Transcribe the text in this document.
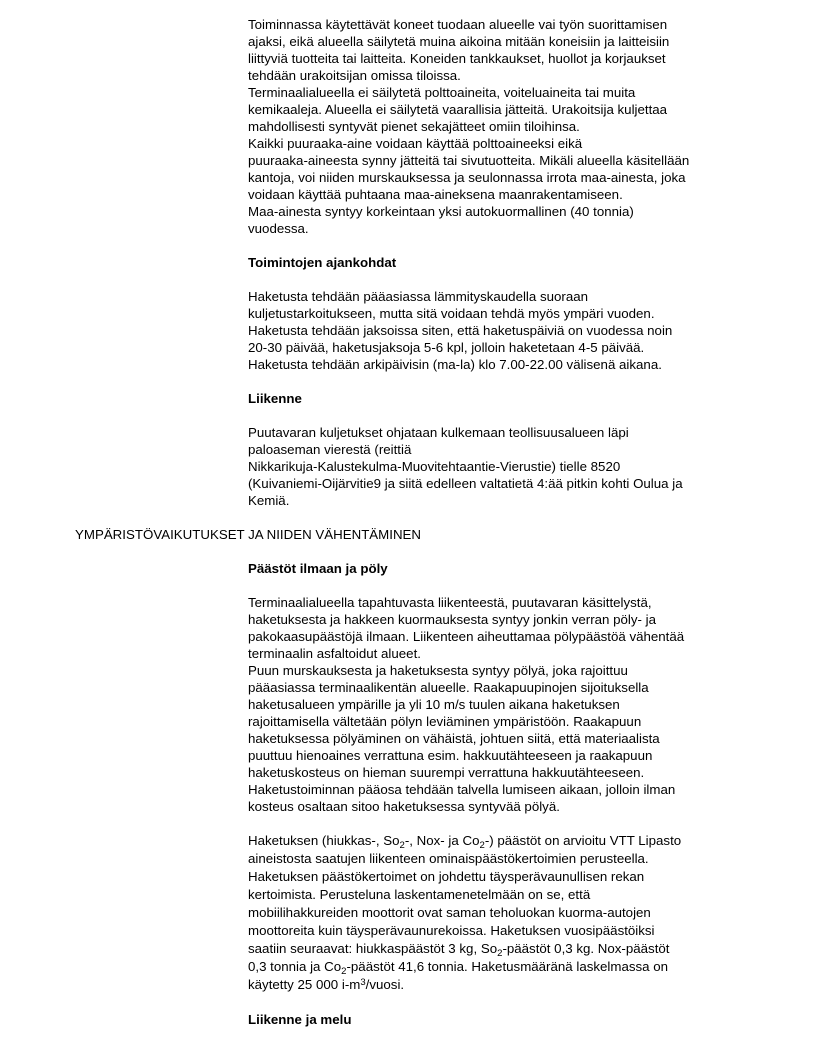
Toiminnassa käytettävät koneet tuodaan alueelle vai työn suorittamisen
ajaksi, eikä alueella säilytetä muina aikoina mitään koneisiin ja laitteisiin
liittyviä tuotteita tai laitteita. Koneiden tankkaukset, huollot ja korjaukset
tehdään urakoitsijan omissa tiloissa.
Terminaalialueella ei säilytetä polttoaineita, voiteluaineita tai muita
kemikaaleja. Alueella ei säilytetä vaarallisia jätteitä. Urakoitsija kuljettaa
mahdollisesti syntyvät pienet sekajätteet omiin tiloihinsa.
Kaikki puuraaka-aine voidaan käyttää polttoaineeksi eikä
puuraaka-aineesta synny jätteitä tai sivutuotteita. Mikäli alueella käsitellään
kantoja, voi niiden murskauksessa ja seulonnassa irrota maa-ainesta, joka
voidaan käyttää puhtaana maa-aineksena maanrakentamiseen.
Maa-ainesta syntyy korkeintaan yksi autokuormallinen (40 tonnia)
vuodessa.
Toimintojen ajankohdat
Haketusta tehdään pääasiassa lämmityskaudella suoraan
kuljetustarkoitukseen, mutta sitä voidaan tehdä myös ympäri vuoden.
Haketusta tehdään jaksoissa siten, että haketuspäiviä on vuodessa noin
20-30 päivää, haketusjaksoja 5-6 kpl, jolloin haketetaan 4-5 päivää.
Haketusta tehdään arkipäivisin (ma-la) klo 7.00-22.00 välisenä aikana.
Liikenne
Puutavaran kuljetukset ohjataan kulkemaan teollisuusalueen läpi
paloaseman vierestä (reittiä
Nikkarikuja-Kalustekulma-Muovitehtaantie-Vierustie) tielle 8520
(Kuivaniemi-Oijärvitie9 ja siitä edelleen valtatietä 4:ää pitkin kohti Oulua ja
Kemiä.
YMPÄRISTÖVAIKUTUKSET JA NIIDEN VÄHENTÄMINEN
Päästöt ilmaan ja pöly
Terminaalialueella tapahtuvasta liikenteestä, puutavaran käsittelystä,
haketuksesta ja hakkeen kuormauksesta syntyy jonkin verran pöly- ja
pakokaasupäästöjä ilmaan. Liikenteen aiheuttamaa pölypäästöä vähentää
terminaalin asfaltoidut alueet.
Puun murskauksesta ja haketuksesta syntyy pölyä, joka rajoittuu
pääasiassa terminaalikentän alueelle. Raakapuupinojen sijoituksella
haketusalueen ympärille ja yli 10 m/s tuulen aikana haketuksen
rajoittamisella vältetään pölyn leviäminen ympäristöön. Raakapuun
haketuksessa pölyäminen on vähäistä, johtuen siitä, että materiaalista
puuttuu hienoaines verrattuna esim. hakkuutähteeseen ja raakapuun
haketuskosteus on hieman suurempi verrattuna hakkuutähteeseen.
Haketustoiminnan pääosa tehdään talvella lumiseen aikaan, jolloin ilman
kosteus osaltaan sitoo haketuksessa syntyvää pölyä.
Haketuksen (hiukkas-, $So_2-$, Nox- ja $Co_2-$) päästöt on arvioitu VTT Lipasto
aineistosta saatujen liikenteen ominaispäästökertoimien perusteella.
Haketuksen päästökertoimet on johdettu täysperävaunullisen rekan
kertoimista. Perusteluna laskentamenetelmään on se, että
mobiilihakkureiden moottorit ovat saman teholuokan kuorma-autojen
moottoreita kuin täysperävaunurekoissa. Haketuksen vuosipäästöiksi
saatiin seuraavat: hiukkaspäästöt 3 kg, $So_2$-päästöt 0,3 kg. Nox-päästöt
0,3 tonnia ja $Co_2$-päästöt 41,6 tonnia. Haketusmääränä laskelmassa on
käytetty 25 000 $i-m^3$/vuosi.
Liikenne ja melu
